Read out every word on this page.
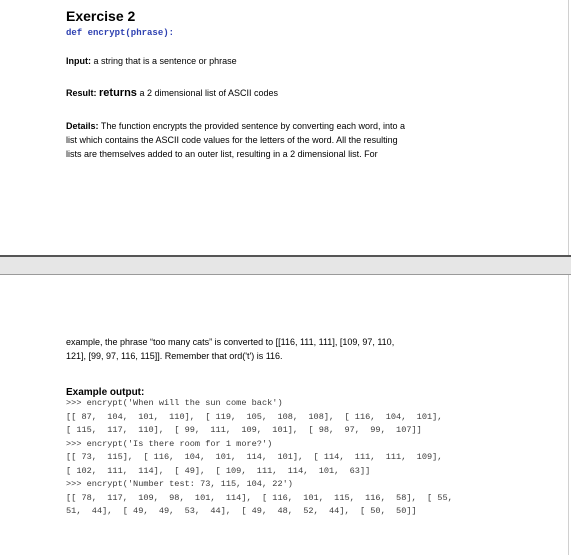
Exercise 2
def encrypt(phrase):

Input: a string that is a sentence or phrase

Result: returns a 2 dimensional list of ASCII codes

Details: The function encrypts the provided sentence by converting each word, into a

list which contains the ASCII code values for the letters of the word. All the resulting

lists are themselves added to an outer list, resulting in a 2 dimensional list. For

example, the phrase “too many cats” is converted to [[116, 111, 111], [109, 97, 110,

121], [99, 97, 116, 115]]. Remember that ord('t') is 116.

Example output:
>>> encrypt('When will the sun come back')
[[ 87,  104,  101,  110],  [ 119,  105,  108,  108],  [ 116,  104,  101],
[ 115,  117,  110],  [ 99,  111,  109,  101],  [ 98,  97,  99,  107]]
>>> encrypt('Is there room for 1 more?')
[[ 73,  115],  [ 116,  104,  101,  114,  101],  [ 114,  111,  111,  109],
[ 102,  111,  114],  [ 49],  [ 109,  111,  114,  101,  63]]
>>> encrypt('Number test: 73, 115, 104, 22')
[[ 78,  117,  109,  98,  101,  114],  [ 116,  101,  115,  116,  58],  [ 55,
51,  44],  [ 49,  49,  53,  44],  [ 49,  48,  52,  44],  [ 50,  50]]
